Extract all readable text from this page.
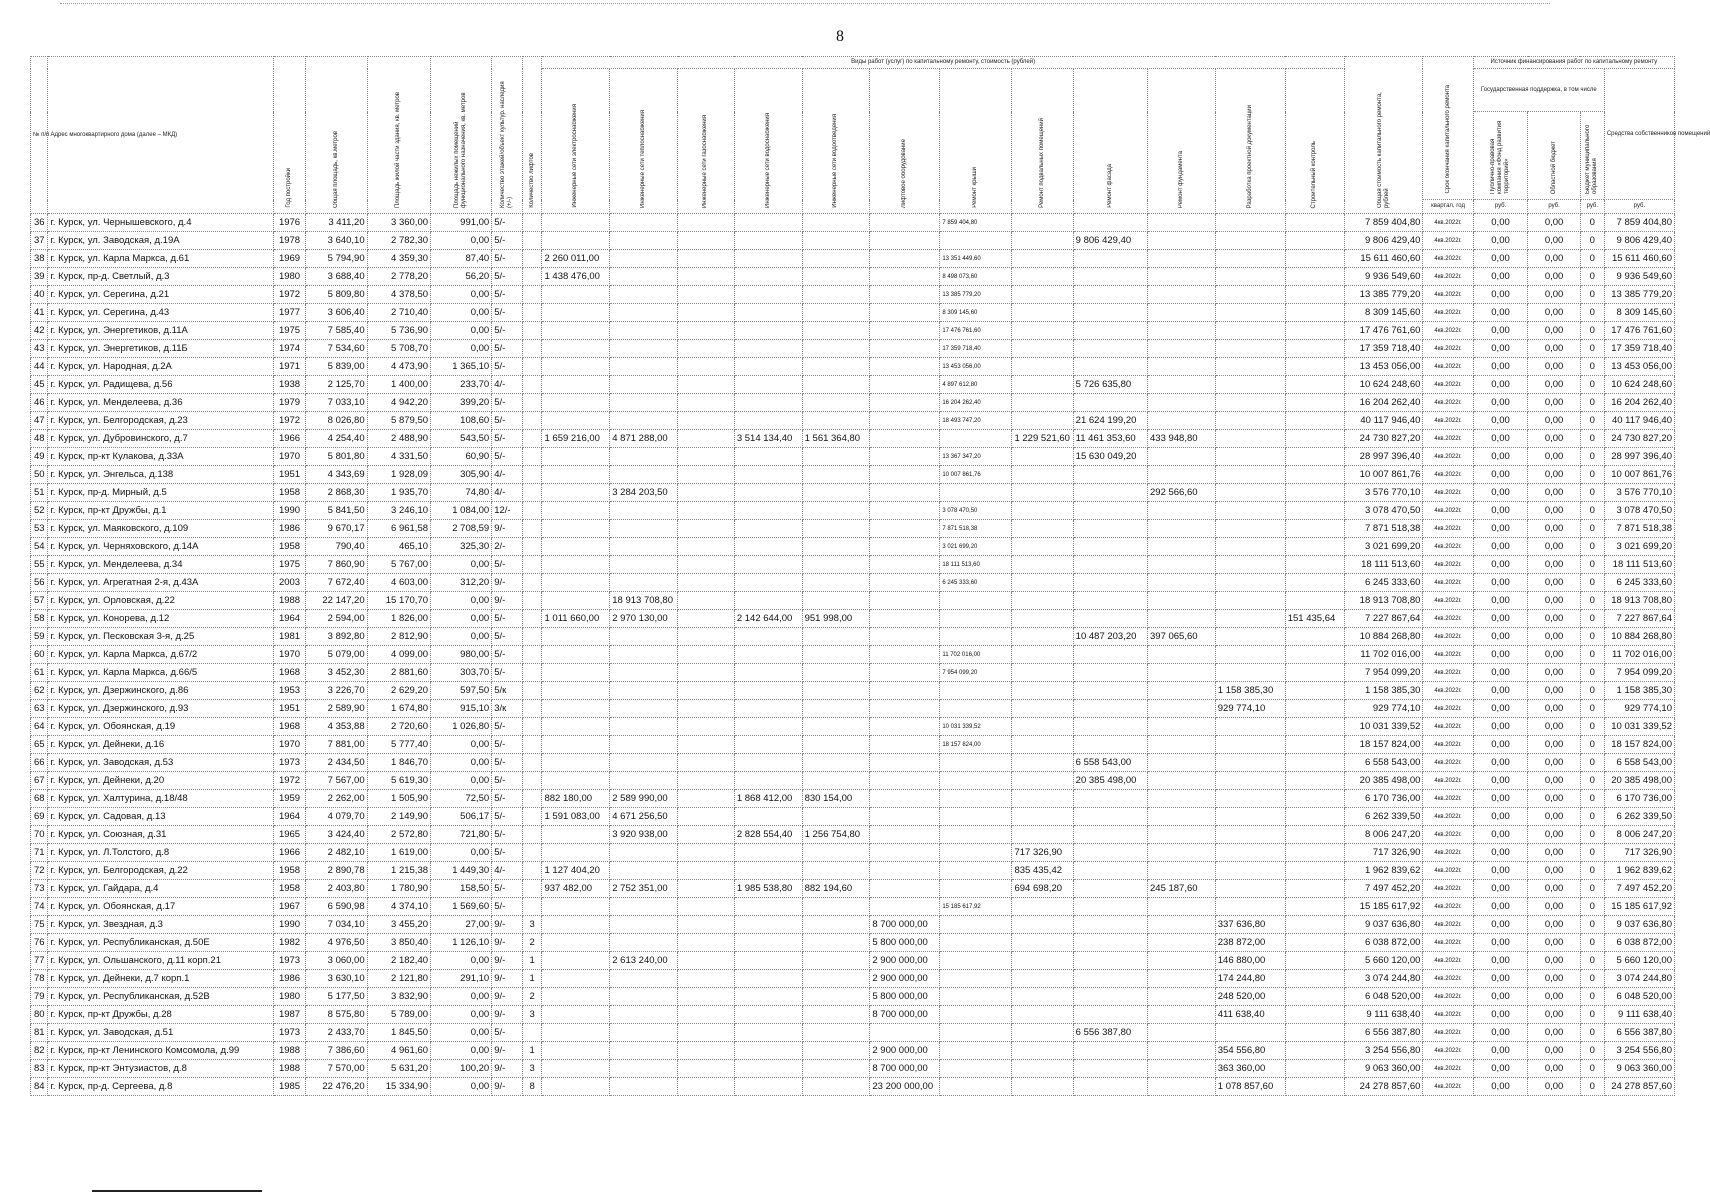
8
№ п/п	Адрес многоквартирного дома (далее – МКД)	Год постройки	Общая площадь, кв.метров	Площадь жилой части здания, кв. метров	Площадь нежилых помещений функционального назначения, кв. метров	Количество этажей/объект культур. наследия (+/-)	Количество лифтов	Виды работ (услуг) по капитальному ремонту, стоимость (рублей)												Общая стоимость капитального ремонта, рублей	Срок окончания капитального ремонта	Источник финансирования работ по капитальному ремонту			
								Инженерные сети электроснабжения	Инженерные сети теплоснабжения	Инженерные сети газоснабжения	Инженерные сети водоснабжения	Инженерные сети водоотведения	Лифтовое оборудование	Ремонт крыши	Ремонт подвальных помещений	Ремонт фасада	Ремонт фундамента	Разработка проектной документации	Строительный контроль			Государственная поддержка, в том числе			Средства собственников помещений
																						Публично-правовая компания «Фонд развития территорий»	Областной бюджет	Бюджет муниципального образования	
																					квартал, год	руб.	руб.	руб.	руб.
36	г. Курск, ул. Чернышевского, д.4	1976	3 411,20	3 360,00	991,00	5/-								7 859 404,80						7 859 404,80	4кв.2022г.	0,00	0,00	0	7 859 404,80
37	г. Курск, ул. Заводская, д.19А	1978	3 640,10	2 782,30	0,00	5/-										9 806 429,40				9 806 429,40	4кв.2022г.	0,00	0,00	0	9 806 429,40
38	г. Курск, ул. Карла Маркса, д.61	1969	5 794,90	4 359,30	87,40	5/-		2 260 011,00						13 351 449,60						15 611 460,60	4кв.2022г.	0,00	0,00	0	15 611 460,60
39	г. Курск, пр-д. Светлый, д.3	1980	3 688,40	2 778,20	56,20	5/-		1 438 476,00						8 498 073,60						9 936 549,60	4кв.2022г.	0,00	0,00	0	9 936 549,60
40	г. Курск, ул. Серегина, д.21	1972	5 809,80	4 378,50	0,00	5/-								13 385 779,20						13 385 779,20	4кв.2022г.	0,00	0,00	0	13 385 779,20
41	г. Курск, ул. Серегина, д.43	1977	3 606,40	2 710,40	0,00	5/-								8 309 145,60						8 309 145,60	4кв.2022г.	0,00	0,00	0	8 309 145,60
42	г. Курск, ул. Энергетиков, д.11А	1975	7 585,40	5 736,90	0,00	5/-								17 476 761,60						17 476 761,60	4кв.2022г.	0,00	0,00	0	17 476 761,60
43	г. Курск, ул. Энергетиков, д.11Б	1974	7 534,60	5 708,70	0,00	5/-								17 359 718,40						17 359 718,40	4кв.2022г.	0,00	0,00	0	17 359 718,40
44	г. Курск, ул. Народная, д.2А	1971	5 839,00	4 473,90	1 365,10	5/-								13 453 056,00						13 453 056,00	4кв.2022г.	0,00	0,00	0	13 453 056,00
45	г. Курск, ул. Радищева, д.56	1938	2 125,70	1 400,00	233,70	4/-								4 897 612,80		5 726 635,80				10 624 248,60	4кв.2022г.	0,00	0,00	0	10 624 248,60
46	г. Курск, ул. Менделеева, д.36	1979	7 033,10	4 942,20	399,20	5/-								16 204 262,40						16 204 262,40	4кв.2022г.	0,00	0,00	0	16 204 262,40
47	г. Курск, ул. Белгородская, д.23	1972	8 026,80	5 879,50	108,60	5/-								18 493 747,20		21 624 199,20				40 117 946,40	4кв.2022г.	0,00	0,00	0	40 117 946,40
48	г. Курск, ул. Дубровинского, д.7	1966	4 254,40	2 488,90	543,50	5/-		1 659 216,00	4 871 288,00		3 514 134,40	1 561 364,80			1 229 521,60	11 461 353,60	433 948,80			24 730 827,20	4кв.2022г.	0,00	0,00	0	24 730 827,20
49	г. Курск, пр-кт Кулакова, д.33А	1970	5 801,80	4 331,50	60,90	5/-								13 367 347,20		15 630 049,20				28 997 396,40	4кв.2022г.	0,00	0,00	0	28 997 396,40
50	г. Курск, ул. Энгельса, д.138	1951	4 343,69	1 928,09	305,90	4/-								10 007 861,76						10 007 861,76	4кв.2022г.	0,00	0,00	0	10 007 861,76
51	г. Курск, пр-д. Мирный, д.5	1958	2 868,30	1 935,70	74,80	4/-			3 284 203,50								292 566,60			3 576 770,10	4кв.2022г.	0,00	0,00	0	3 576 770,10
52	г. Курск, пр-кт Дружбы, д.1	1990	5 841,50	3 246,10	1 084,00	12/-								3 078 470,50						3 078 470,50	4кв.2022г.	0,00	0,00	0	3 078 470,50
53	г. Курск, ул. Маяковского, д.109	1986	9 670,17	6 961,58	2 708,59	9/-								7 871 518,38						7 871 518,38	4кв.2022г.	0,00	0,00	0	7 871 518,38
54	г. Курск, ул. Черняховского, д.14А	1958	790,40	465,10	325,30	2/-								3 021 699,20						3 021 699,20	4кв.2022г.	0,00	0,00	0	3 021 699,20
55	г. Курск, ул. Менделеева, д.34	1975	7 860,90	5 767,00	0,00	5/-								18 111 513,60						18 111 513,60	4кв.2022г.	0,00	0,00	0	18 111 513,60
56	г. Курск, ул. Агрегатная 2-я, д.43А	2003	7 672,40	4 603,00	312,20	9/-								6 245 333,60						6 245 333,60	4кв.2022г.	0,00	0,00	0	6 245 333,60
57	г. Курск, ул. Орловская, д.22	1988	22 147,20	15 170,70	0,00	9/-			18 913 708,80											18 913 708,80	4кв.2022г.	0,00	0,00	0	18 913 708,80
58	г. Курск, ул. Конорева, д.12	1964	2 594,00	1 826,00	0,00	5/-		1 011 660,00	2 970 130,00		2 142 644,00	951 998,00							151 435,64	7 227 867,64	4кв.2022г.	0,00	0,00	0	7 227 867,64
59	г. Курск, ул. Песковская 3-я, д.25	1981	3 892,80	2 812,90	0,00	5/-										10 487 203,20	397 065,60			10 884 268,80	4кв.2022г.	0,00	0,00	0	10 884 268,80
60	г. Курск, ул. Карла Маркса, д.67/2	1970	5 079,00	4 099,00	980,00	5/-								11 702 016,00						11 702 016,00	4кв.2022г.	0,00	0,00	0	11 702 016,00
61	г. Курск, ул. Карла Маркса, д.66/5	1968	3 452,30	2 881,60	303,70	5/-								7 954 099,20						7 954 099,20	4кв.2022г.	0,00	0,00	0	7 954 099,20
62	г. Курск, ул. Дзержинского, д.86	1953	3 226,70	2 629,20	597,50	5/к												1 158 385,30		1 158 385,30	4кв.2022г.	0,00	0,00	0	1 158 385,30
63	г. Курск, ул. Дзержинского, д.93	1951	2 589,90	1 674,80	915,10	3/к												929 774,10		929 774,10	4кв.2022г.	0,00	0,00	0	929 774,10
64	г. Курск, ул. Обоянская, д.19	1968	4 353,88	2 720,60	1 026,80	5/-								10 031 339,52						10 031 339,52	4кв.2022г.	0,00	0,00	0	10 031 339,52
65	г. Курск, ул. Дейнеки, д.16	1970	7 881,00	5 777,40	0,00	5/-								18 157 824,00						18 157 824,00	4кв.2022г.	0,00	0,00	0	18 157 824,00
66	г. Курск, ул. Заводская, д.53	1973	2 434,50	1 846,70	0,00	5/-										6 558 543,00				6 558 543,00	4кв.2022г.	0,00	0,00	0	6 558 543,00
67	г. Курск, ул. Дейнеки, д.20	1972	7 567,00	5 619,30	0,00	5/-										20 385 498,00				20 385 498,00	4кв.2022г.	0,00	0,00	0	20 385 498,00
68	г. Курск, ул. Халтурина, д.18/48	1959	2 262,00	1 505,90	72,50	5/-		882 180,00	2 589 990,00		1 868 412,00	830 154,00								6 170 736,00	4кв.2022г.	0,00	0,00	0	6 170 736,00
69	г. Курск, ул. Садовая, д.13	1964	4 079,70	2 149,90	506,17	5/-		1 591 083,00	4 671 256,50											6 262 339,50	4кв.2022г.	0,00	0,00	0	6 262 339,50
70	г. Курск, ул. Союзная, д.31	1965	3 424,40	2 572,80	721,80	5/-			3 920 938,00		2 828 554,40	1 256 754,80								8 006 247,20	4кв.2022г.	0,00	0,00	0	8 006 247,20
71	г. Курск, ул. Л.Толстого, д.8	1966	2 482,10	1 619,00	0,00	5/-									717 326,90					717 326,90	4кв.2022г.	0,00	0,00	0	717 326,90
72	г. Курск, ул. Белгородская, д.22	1958	2 890,78	1 215,38	1 449,30	4/-		1 127 404,20							835 435,42					1 962 839,62	4кв.2022г.	0,00	0,00	0	1 962 839,62
73	г. Курск, ул. Гайдара, д.4	1958	2 403,80	1 780,90	158,50	5/-		937 482,00	2 752 351,00		1 985 538,80	882 194,60			694 698,20		245 187,60			7 497 452,20	4кв.2022г.	0,00	0,00	0	7 497 452,20
74	г. Курск, ул. Обоянская, д.17	1967	6 590,98	4 374,10	1 569,60	5/-								15 185 617,92						15 185 617,92	4кв.2022г.	0,00	0,00	0	15 185 617,92
75	г. Курск, ул. Звездная, д.3	1990	7 034,10	3 455,20	27,00	9/-	3						8 700 000,00					337 636,80		9 037 636,80	4кв.2022г.	0,00	0,00	0	9 037 636,80
76	г. Курск, ул. Республиканская, д.50Е	1982	4 976,50	3 850,40	1 126,10	9/-	2						5 800 000,00					238 872,00		6 038 872,00	4кв.2022г.	0,00	0,00	0	6 038 872,00
77	г. Курск, ул. Ольшанского, д.11 корп.21	1973	3 060,00	2 182,40	0,00	9/-	1		2 613 240,00				2 900 000,00					146 880,00		5 660 120,00	4кв.2022г.	0,00	0,00	0	5 660 120,00
78	г. Курск, ул. Дейнеки, д.7 корп.1	1986	3 630,10	2 121,80	291,10	9/-	1						2 900 000,00					174 244,80		3 074 244,80	4кв.2022г.	0,00	0,00	0	3 074 244,80
79	г. Курск, ул. Республиканская, д.52В	1980	5 177,50	3 832,90	0,00	9/-	2						5 800 000,00					248 520,00		6 048 520,00	4кв.2022г.	0,00	0,00	0	6 048 520,00
80	г. Курск, пр-кт Дружбы, д.28	1987	8 575,80	5 789,00	0,00	9/-	3						8 700 000,00					411 638,40		9 111 638,40	4кв.2022г.	0,00	0,00	0	9 111 638,40
81	г. Курск, ул. Заводская, д.51	1973	2 433,70	1 845,50	0,00	5/-										6 556 387,80				6 556 387,80	4кв.2022г.	0,00	0,00	0	6 556 387,80
82	г. Курск, пр-кт Ленинского Комсомола, д.99	1988	7 386,60	4 961,60	0,00	9/-	1						2 900 000,00					354 556,80		3 254 556,80	4кв.2022г.	0,00	0,00	0	3 254 556,80
83	г. Курск, пр-кт Энтузиастов, д.8	1988	7 570,00	5 631,20	100,20	9/-	3						8 700 000,00					363 360,00		9 063 360,00	4кв.2022г.	0,00	0,00	0	9 063 360,00
84	г. Курск, пр-д. Сергеева, д.8	1985	22 476,20	15 334,90	0,00	9/-	8						23 200 000,00					1 078 857,60		24 278 857,60	4кв.2022г.	0,00	0,00	0	24 278 857,60
